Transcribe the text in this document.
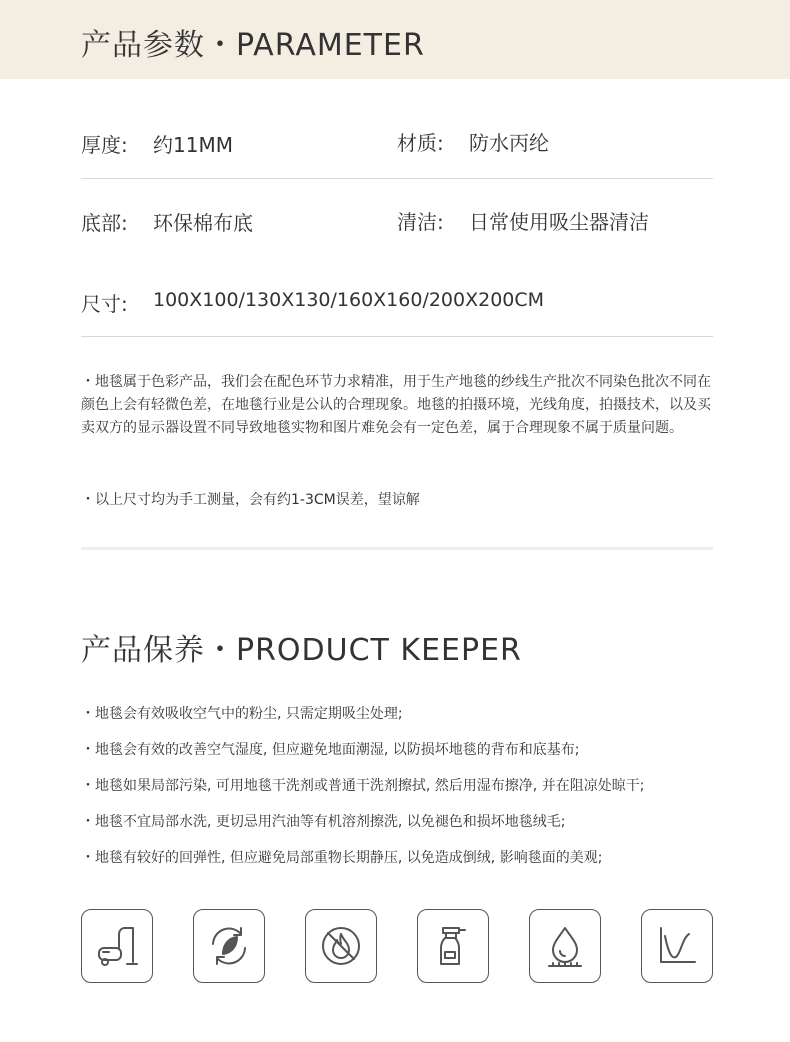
产品参数・PARAMETER
厚度: 约11MM	材质: 防水丙纶
底部: 环保棉布底	清洁: 日常使用吸尘器清洁
尺寸: 100X100/130X130/160X160/200X200CM

・地毯属于色彩产品，我们会在配色环节力求精准，用于生产地毯的纱线生产批次不同染色批次不同在颜色上会有轻微色差，在地毯行业是公认的合理现象。地毯的拍摄环境，光线角度，拍摄技术，以及买卖双方的显示器设置不同导致地毯实物和图片难免会有一定色差，属于合理现象不属于质量问题。

・以上尺寸均为手工测量，会有约1-3CM误差，望谅解

产品保养・PRODUCT KEEPER
・地毯会有效吸收空气中的粉尘, 只需定期吸尘处理;
・地毯会有效的改善空气湿度, 但应避免地面潮湿, 以防损坏地毯的背布和底基布;
・地毯如果局部污染, 可用地毯干洗剂或普通干洗剂擦拭, 然后用湿布擦净, 并在阻凉处晾干;
・地毯不宜局部水洗, 更切忌用汽油等有机溶剂擦洗, 以免褪色和损坏地毯绒毛;
・地毯有较好的回弹性, 但应避免局部重物长期静压, 以免造成倒绒, 影响毯面的美观;
